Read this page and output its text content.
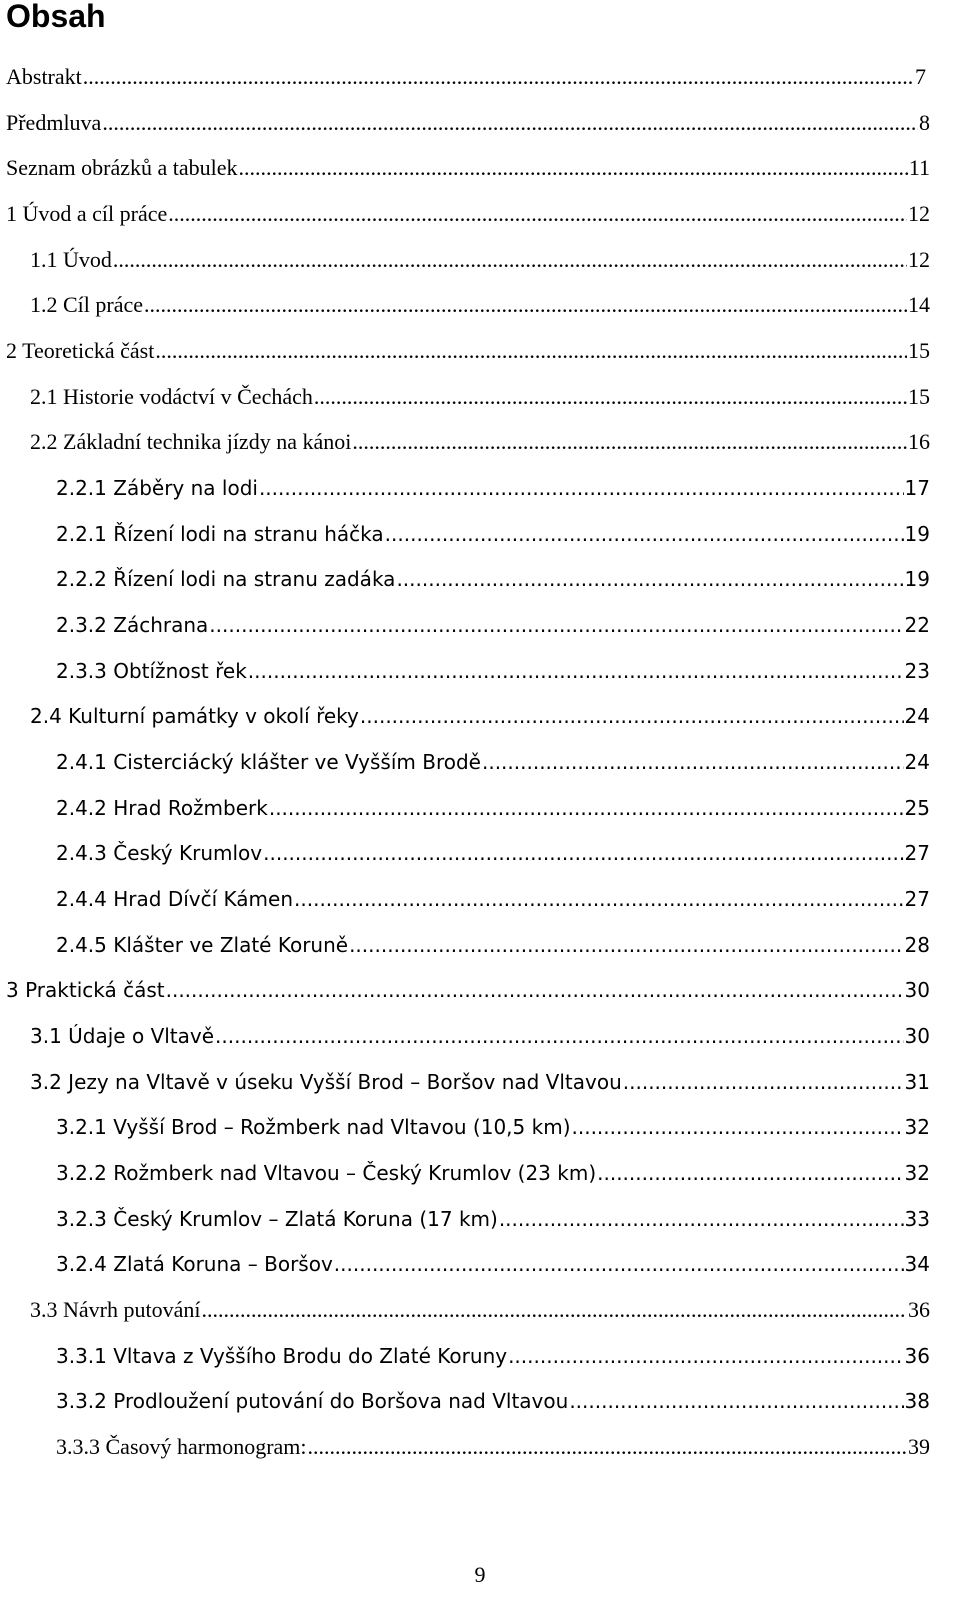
Obsah
Abstrakt .....	7
Předmluva .....	8
Seznam obrázků a tabulek .....	11
1 Úvod a cíl práce .....	12
1.1 Úvod .....	12
1.2 Cíl práce .....	14
2 Teoretická část .....	15
2.1 Historie vodáctví v Čechách .....	15
2.2 Základní technika jízdy na kánoi .....	16
2.2.1 Záběry na lodi .....	17
2.2.1 Řízení lodi na stranu háčka .....	19
2.2.2 Řízení lodi na stranu zadáka .....	19
2.3.2 Záchrana .....	22
2.3.3 Obtížnost řek .....	23
2.4 Kulturní památky v okolí řeky .....	24
2.4.1 Cisterciácký klášter ve Vyšším Brodě .....	24
2.4.2 Hrad Rožmberk .....	25
2.4.3 Český Krumlov .....	27
2.4.4 Hrad Dívčí Kámen .....	27
2.4.5 Klášter ve Zlaté Koruně .....	28
3 Praktická část .....	30
3.1 Údaje o Vltavě .....	30
3.2 Jezy na Vltavě v úseku Vyšší Brod – Boršov nad Vltavou .....	31
3.2.1 Vyšší Brod – Rožmberk nad Vltavou (10,5 km) .....	32
3.2.2 Rožmberk nad Vltavou – Český Krumlov (23 km) .....	32
3.2.3 Český Krumlov – Zlatá Koruna (17 km) .....	33
3.2.4 Zlatá Koruna – Boršov .....	34
3.3 Návrh putování .....	36
3.3.1 Vltava z Vyššího Brodu do Zlaté Koruny .....	36
3.3.2 Prodloužení putování do Boršova nad Vltavou .....	38
3.3.3 Časový harmonogram: .....	39
9
